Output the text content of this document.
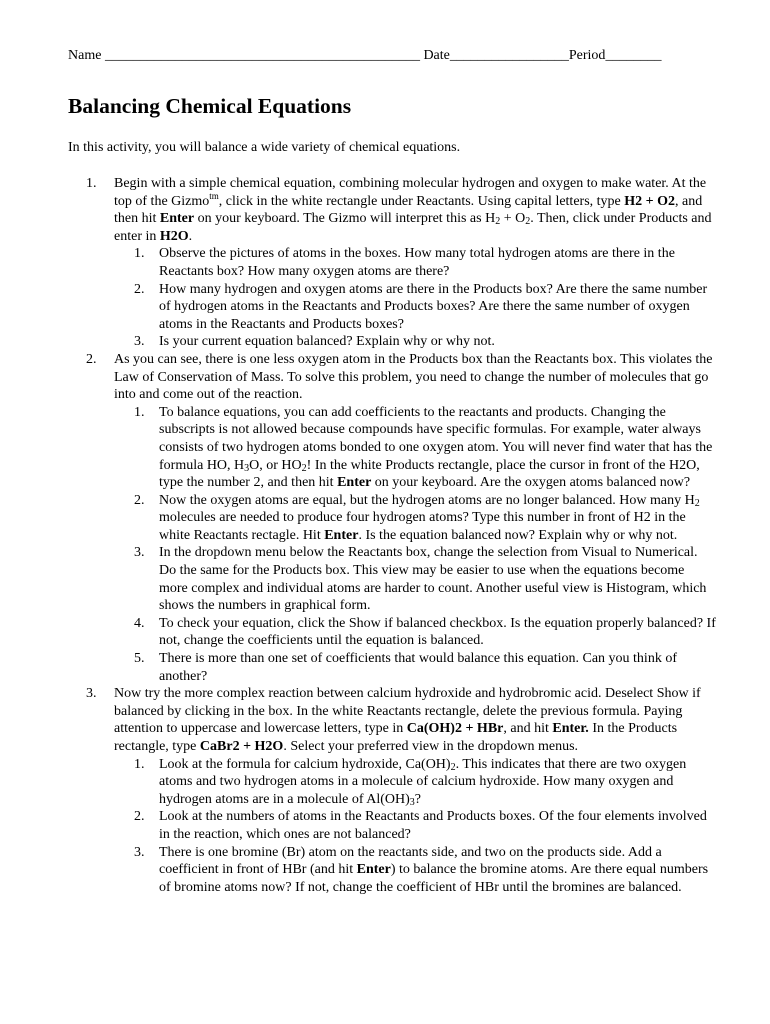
Name _____________________________________________ Date_________________Period________
Balancing Chemical Equations

In this activity, you will balance a wide variety of chemical equations.

1. Begin with a simple chemical equation, combining molecular hydrogen and oxygen to make water. At the top of the Gizmo$^{tm}$, click in the white rectangle under Reactants. Using capital letters, type H2 + O2, and then hit Enter on your keyboard. The Gizmo will interpret this as $H_2 + O_2$. Then, click under Products and enter in H2O.

1. Observe the pictures of atoms in the boxes. How many total hydrogen atoms are there in the Reactants box? How many oxygen atoms are there?

2. How many hydrogen and oxygen atoms are there in the Products box? Are there the same number of hydrogen atoms in the Reactants and Products boxes? Are there the same number of oxygen atoms in the Reactants and Products boxes?

3. Is your current equation balanced? Explain why or why not.

2. As you can see, there is one less oxygen atom in the Products box than the Reactants box. This violates the Law of Conservation of Mass. To solve this problem, you need to change the number of molecules that go into and come out of the reaction.

1. To balance equations, you can add coefficients to the reactants and products. Changing the subscripts is not allowed because compounds have specific formulas. For example, water always consists of two hydrogen atoms bonded to one oxygen atom. You will never find water that has the formula HO, $H_3O$, or $HO_2$! In the white Products rectangle, place the cursor in front of the H2O, type the number 2, and then hit Enter on your keyboard. Are the oxygen atoms balanced now?

2. Now the oxygen atoms are equal, but the hydrogen atoms are no longer balanced. How many $H_2$ molecules are needed to produce four hydrogen atoms? Type this number in front of H2 in the white Reactants rectagle. Hit Enter. Is the equation balanced now? Explain why or why not.

3. In the dropdown menu below the Reactants box, change the selection from Visual to Numerical. Do the same for the Products box. This view may be easier to use when the equations become more complex and individual atoms are harder to count. Another useful view is Histogram, which shows the numbers in graphical form.

4. To check your equation, click the Show if balanced checkbox. Is the equation properly balanced? If not, change the coefficients until the equation is balanced.

5. There is more than one set of coefficients that would balance this equation. Can you think of another?

3. Now try the more complex reaction between calcium hydroxide and hydrobromic acid. Deselect Show if balanced by clicking in the box. In the white Reactants rectangle, delete the previous formula. Paying attention to uppercase and lowercase letters, type in Ca(OH)2 + HBr, and hit Enter. In the Products rectangle, type CaBr2 + H2O. Select your preferred view in the dropdown menus.

1. Look at the formula for calcium hydroxide, $Ca(OH)_2$. This indicates that there are two oxygen atoms and two hydrogen atoms in a molecule of calcium hydroxide. How many oxygen and hydrogen atoms are in a molecule of $Al(OH)_3$?

2. Look at the numbers of atoms in the Reactants and Products boxes. Of the four elements involved in the reaction, which ones are not balanced?

3. There is one bromine (Br) atom on the reactants side, and two on the products side. Add a coefficient in front of HBr (and hit Enter) to balance the bromine atoms. Are there equal numbers of bromine atoms now? If not, change the coefficient of HBr until the bromines are balanced.
